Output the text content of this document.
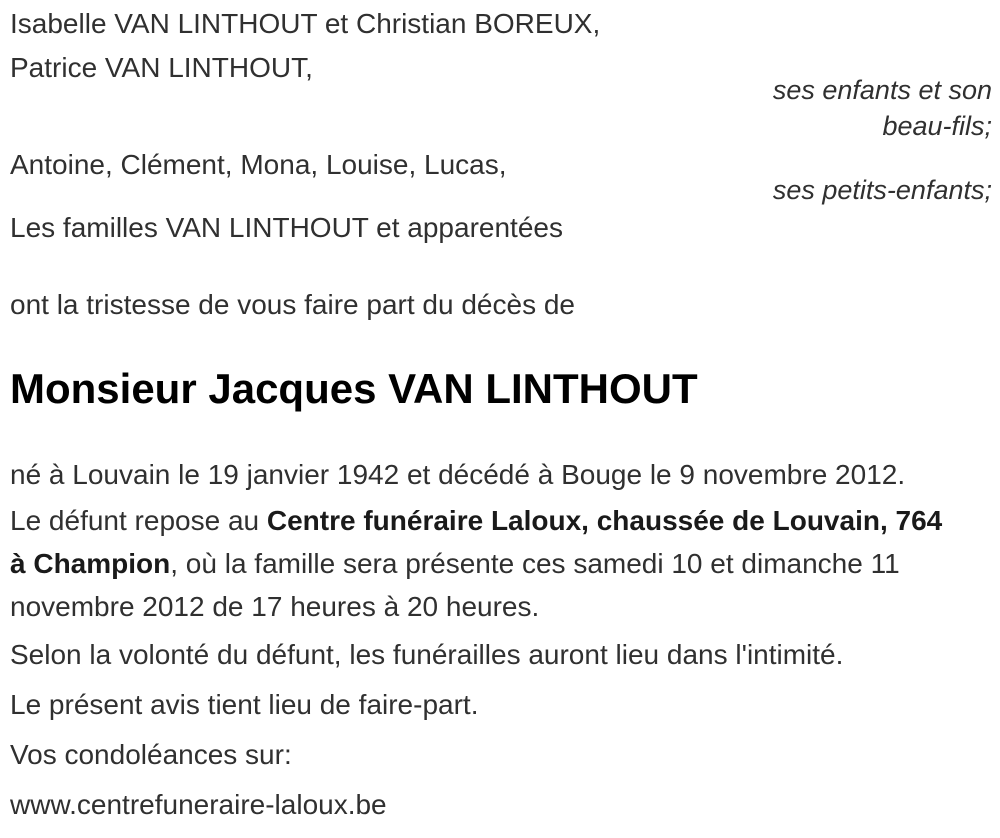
Isabelle VAN LINTHOUT et Christian BOREUX,
Patrice VAN LINTHOUT,
ses enfants et son
beau-fils;
Antoine, Clément, Mona, Louise, Lucas,
ses petits-enfants;
Les familles VAN LINTHOUT et apparentées
ont la tristesse de vous faire part du décès de
Monsieur Jacques VAN LINTHOUT
né à Louvain le 19 janvier 1942 et décédé à Bouge le 9 novembre 2012.
Le défunt repose au Centre funéraire Laloux, chaussée de Louvain, 764
à Champion, où la famille sera présente ces samedi 10 et dimanche 11
novembre 2012 de 17 heures à 20 heures.
Selon la volonté du défunt, les funérailles auront lieu dans l'intimité.
Le présent avis tient lieu de faire-part.
Vos condoléances sur:
www.centrefuneraire-laloux.be
